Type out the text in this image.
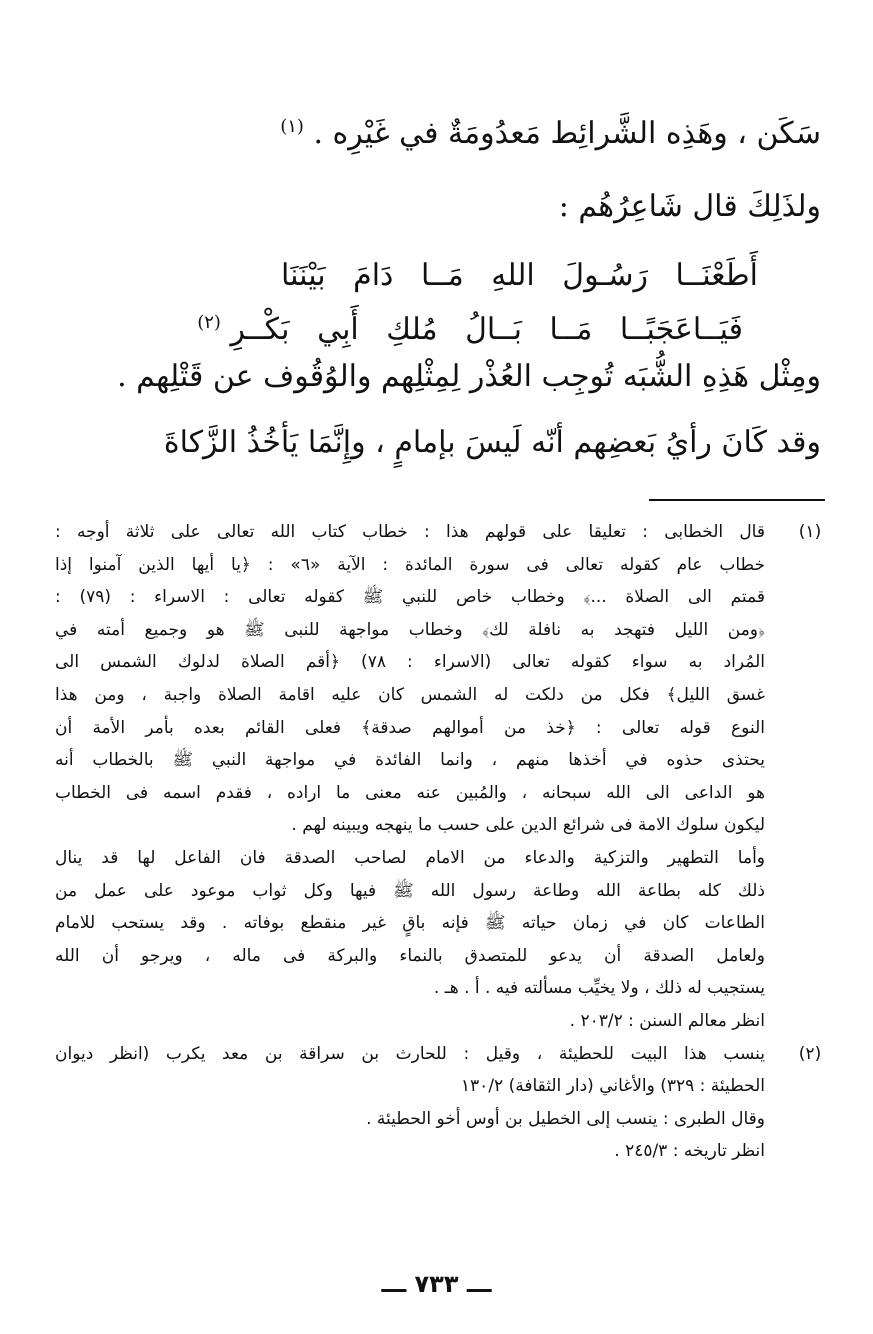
سَكَن ، وهَذِه الشَّرائِط مَعدُومَةٌ في غَيْرِه . $^{(١)}$
ولذَلِكَ قال شَاعِرُهُم :
أَطَعْنَــا رَسُـولَ اللهِ مَــا دَامَ بَيْنَنَا
فَيَــاعَجَبًــا مَــا بَــالُ مُلكِ أَبِي بَكْــرِ $^{(٢)}$
ومِثْل هَذِهِ الشُّبَه تُوجِب العُذْر لِمِثْلِهم والوُقُوف عن قَتْلِهم .
وقد كَانَ رأيُ بَعضِهم أنّه لَيسَ بإمامٍ ، وإِنَّمَا يَأخُذُ الزَّكاةَ
(١)
قال الخطابى : تعليقا على قولهم هذا : خطاب كتاب الله تعالى على ثلاثة أوجه :
خطاب عام كقوله تعالى فى سورة المائدة : الآية «٦» : ﴿يا أيها الذين آمنوا إذا
قمتم الى الصلاة ...﴾ وخطاب خاص للنبي ﷺ كقوله تعالى : الاسراء : (٧٩) :
﴿ومن الليل فتهجد به نافلة لك﴾ وخطاب مواجهة للنبى ﷺ هو وجميع أمته في
المُراد به سواء كقوله تعالى (الاسراء : ٧٨) ﴿أقم الصلاة لدلوك الشمس الى
غسق الليل﴾ فكل من دلكت له الشمس كان عليه اقامة الصلاة واجبة ، ومن هذا
النوع قوله تعالى : ﴿خذ من أموالهم صدقة﴾ فعلى القائم بعده بأمر الأمة أن
يحتذى حذوه في أخذها منهم ، وانما الفائدة في مواجهة النبي ﷺ بالخطاب أنه
هو الداعى الى الله سبحانه ، والمُبين عنه معنى ما اراده ، فقدم اسمه فى الخطاب
ليكون سلوك الامة فى شرائع الدين على حسب ما ينهجه ويبينه لهم .
وأما التطهير والتزكية والدعاء من الامام لصاحب الصدقة فان الفاعل لها قد ينال
ذلك كله بطاعة الله وطاعة رسول الله ﷺ فيها وكل ثواب موعود على عمل من
الطاعات كان في زمان حياته ﷺ فإنه باقٍ غير منقطع بوفاته . وقد يستحب للامام
ولعامل الصدقة أن يدعو للمتصدق بالنماء والبركة فى ماله ، ويرجو أن الله
يستجيب له ذلك ، ولا يخيِّب مسألته فيه . أ . هـ .
انظر معالم السنن : ٢٠٣/٢ .
(٢)
ينسب هذا البيت للحطيئة ، وقيل : للحارث بن سراقة بن معد يكرب (انظر ديوان
الحطيئة : ٣٢٩) والأغاني (دار الثقافة) ١٣٠/٢
وقال الطبرى : ينسب إلى الخطيل بن أوس أخو الحطيئة .
انظر تاريخه : ٢٤٥/٣ .
ـــ ٧٣٣ ـــ
